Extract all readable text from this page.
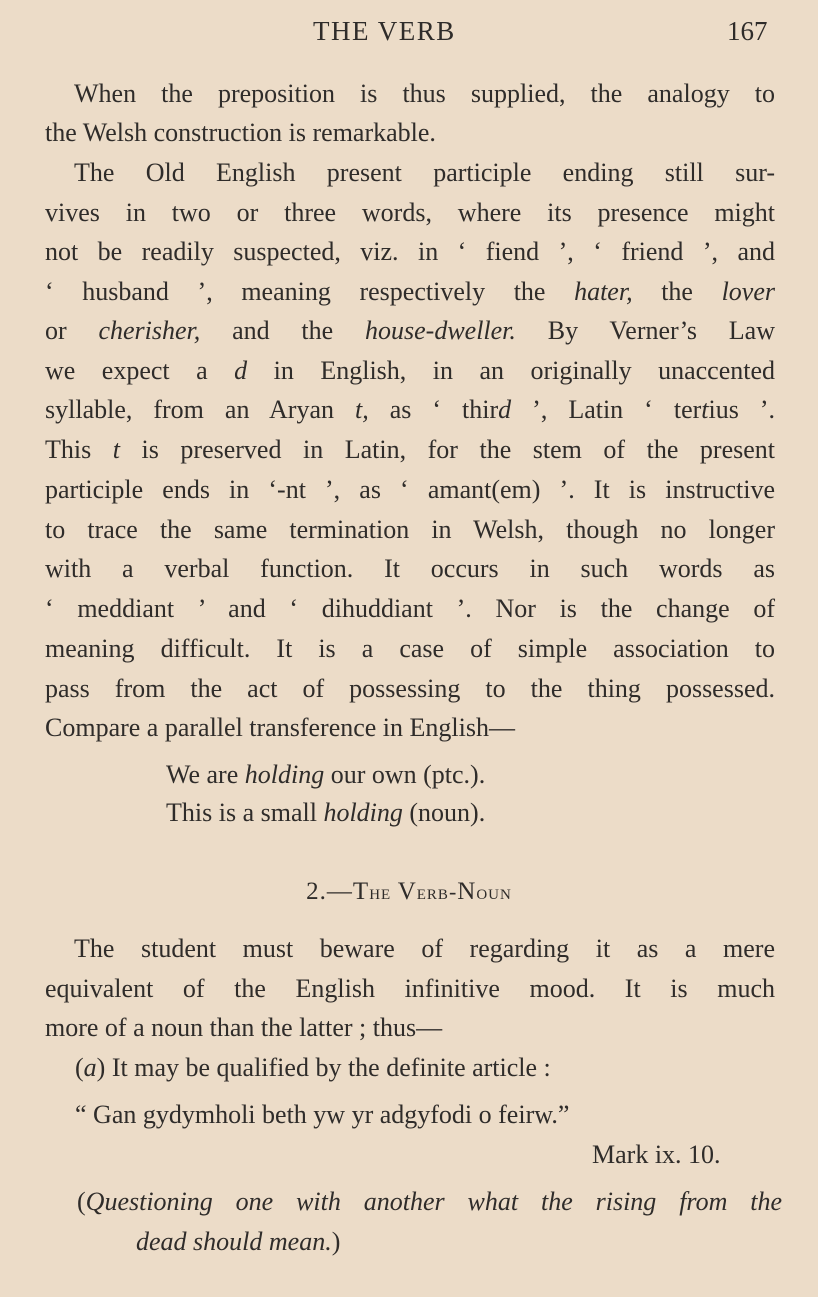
THE VERB	167
When the preposition is thus supplied, the analogy to
the Welsh construction is remarkable.
The Old English present participle ending still sur-
vives in two or three words, where its presence might
not be readily suspected, viz. in ‘ fiend ’, ‘ friend ’, and
‘ husband ’, meaning respectively the hater, the lover
or cherisher, and the house-dweller. By Verner’s Law
we expect a d in English, in an originally unaccented
syllable, from an Aryan t, as ‘ third ’, Latin ‘ tertius ’.
This t is preserved in Latin, for the stem of the present
participle ends in ‘-nt ’, as ‘ amant(em) ’. It is instructive
to trace the same termination in Welsh, though no longer
with a verbal function. It occurs in such words as
‘ meddiant ’ and ‘ dihuddiant ’. Nor is the change of
meaning difficult. It is a case of simple association to
pass from the act of possessing to the thing possessed.
Compare a parallel transference in English—
We are holding our own (ptc.).
This is a small holding (noun).
2.—The Verb-Noun
The student must beware of regarding it as a mere
equivalent of the English infinitive mood. It is much
more of a noun than the latter ; thus—
(a) It may be qualified by the definite article :
“ Gan gydymholi beth yw yr adgyfodi o feirw.”
Mark ix. 10.
(Questioning one with another what the rising from the
dead should mean.)
